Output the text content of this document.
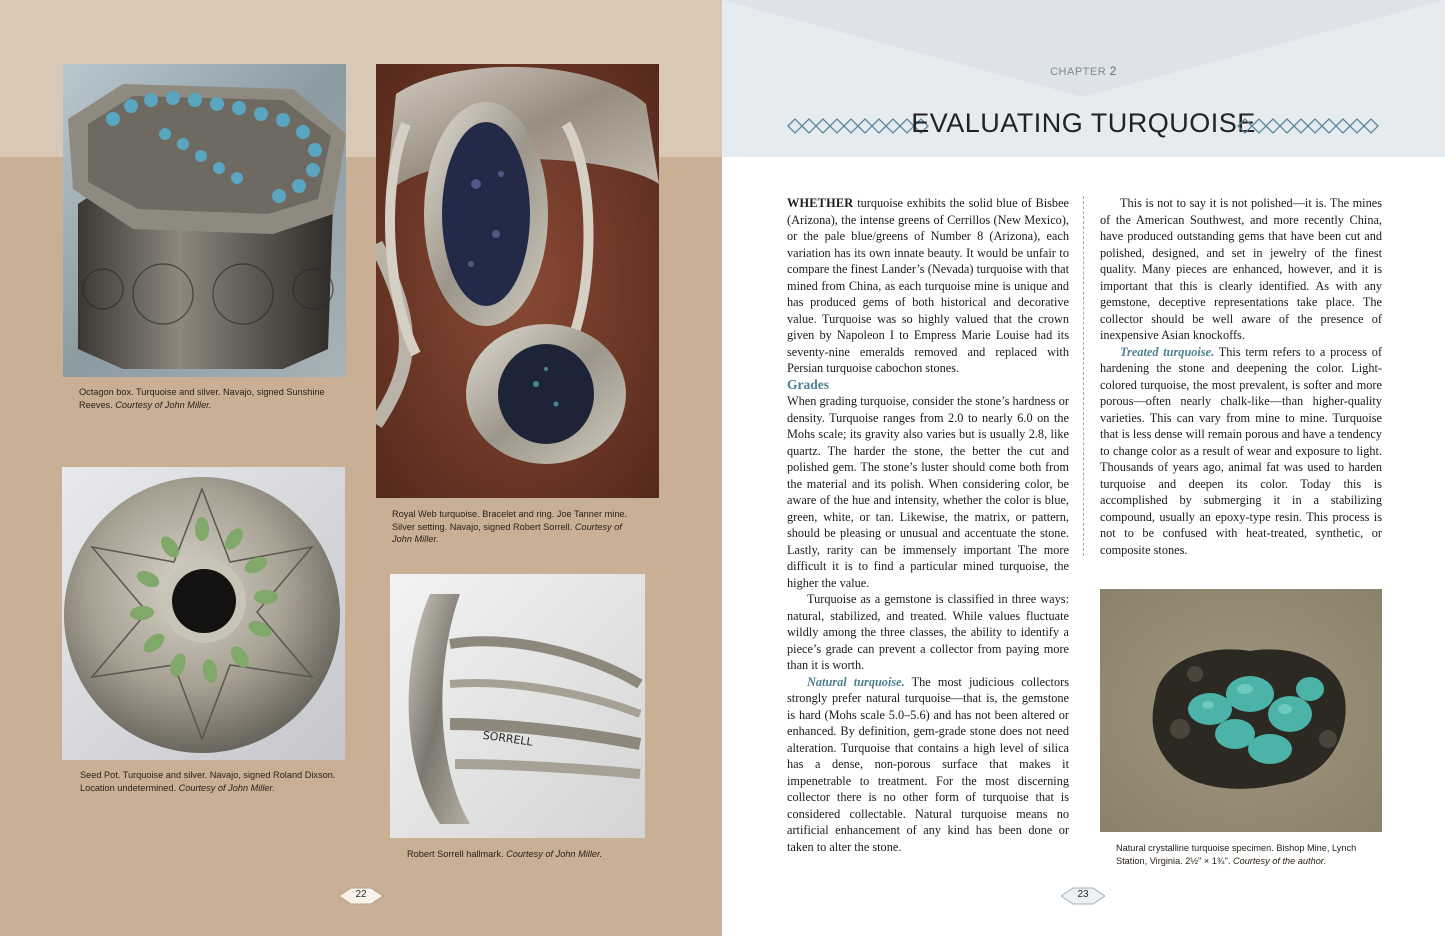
Octagon box. Turquoise and silver. Navajo, signed Sunshine Reeves. Courtesy of John Miller.
Royal Web turquoise. Bracelet and ring. Joe Tanner mine. Silver setting. Navajo, signed Robert Sorrell. Courtesy of John Miller.
Seed Pot. Turquoise and silver. Navajo, signed Roland Dixson. Location undetermined. Courtesy of John Miller.
SORRELL
Robert Sorrell hallmark. Courtesy of John Miller.
22
CHAPTER 2
EVALUATING TURQUOISE

WHETHER turquoise exhibits the solid blue of Bisbee (Arizona), the intense greens of Cerrillos (New Mexico), or the pale blue/greens of Number 8 (Arizona), each variation has its own innate beauty. It would be unfair to compare the finest Lander’s (Nevada) turquoise with that mined from China, as each turquoise mine is unique and has produced gems of both historical and decorative value. Turquoise was so highly valued that the crown given by Napoleon I to Empress Marie Louise had its seventy-nine emeralds removed and replaced with Persian turquoise cabochon stones.

Grades

When grading turquoise, consider the stone’s hardness or density. Turquoise ranges from 2.0 to nearly 6.0 on the Mohs scale; its gravity also varies but is usually 2.8, like quartz. The harder the stone, the better the cut and polished gem. The stone’s luster should come both from the material and its polish. When considering color, be aware of the hue and intensity, whether the color is blue, green, white, or tan. Likewise, the matrix, or pattern, should be pleasing or unusual and accentuate the stone. Lastly, rarity can be immensely important The more difficult it is to find a particular mined turquoise, the higher the value.

Turquoise as a gemstone is classified in three ways: natural, stabilized, and treated. While values fluctuate wildly among the three classes, the ability to identify a piece’s grade can prevent a collector from paying more than it is worth.

Natural turquoise. The most judicious collectors strongly prefer natural turquoise—that is, the gemstone is hard (Mohs scale 5.0–5.6) and has not been altered or enhanced. By definition, gem-grade stone does not need alteration. Turquoise that contains a high level of silica has a dense, non-porous surface that makes it impenetrable to treatment. For the most discerning collector there is no other form of turquoise that is considered collectable. Natural turquoise means no artificial enhancement of any kind has been done or taken to alter the stone.

This is not to say it is not polished—it is. The mines of the American Southwest, and more recently China, have produced outstanding gems that have been cut and polished, designed, and set in jewelry of the finest quality. Many pieces are enhanced, however, and it is important that this is clearly identified. As with any gemstone, deceptive representations take place. The collector should be well aware of the presence of inexpensive Asian knockoffs.

Treated turquoise. This term refers to a process of hardening the stone and deepening the color. Light-colored turquoise, the most prevalent, is softer and more porous—often nearly chalk-like—than higher-quality varieties. This can vary from mine to mine. Turquoise that is less dense will remain porous and have a tendency to change color as a result of wear and exposure to light. Thousands of years ago, animal fat was used to harden turquoise and deepen its color. Today this is accomplished by submerging it in a stabilizing compound, usually an epoxy-type resin. This process is not to be confused with heat-treated, synthetic, or composite stones.

Natural crystalline turquoise specimen. Bishop Mine, Lynch Station, Virginia. 2½" × 1¾". Courtesy of the author.
23
